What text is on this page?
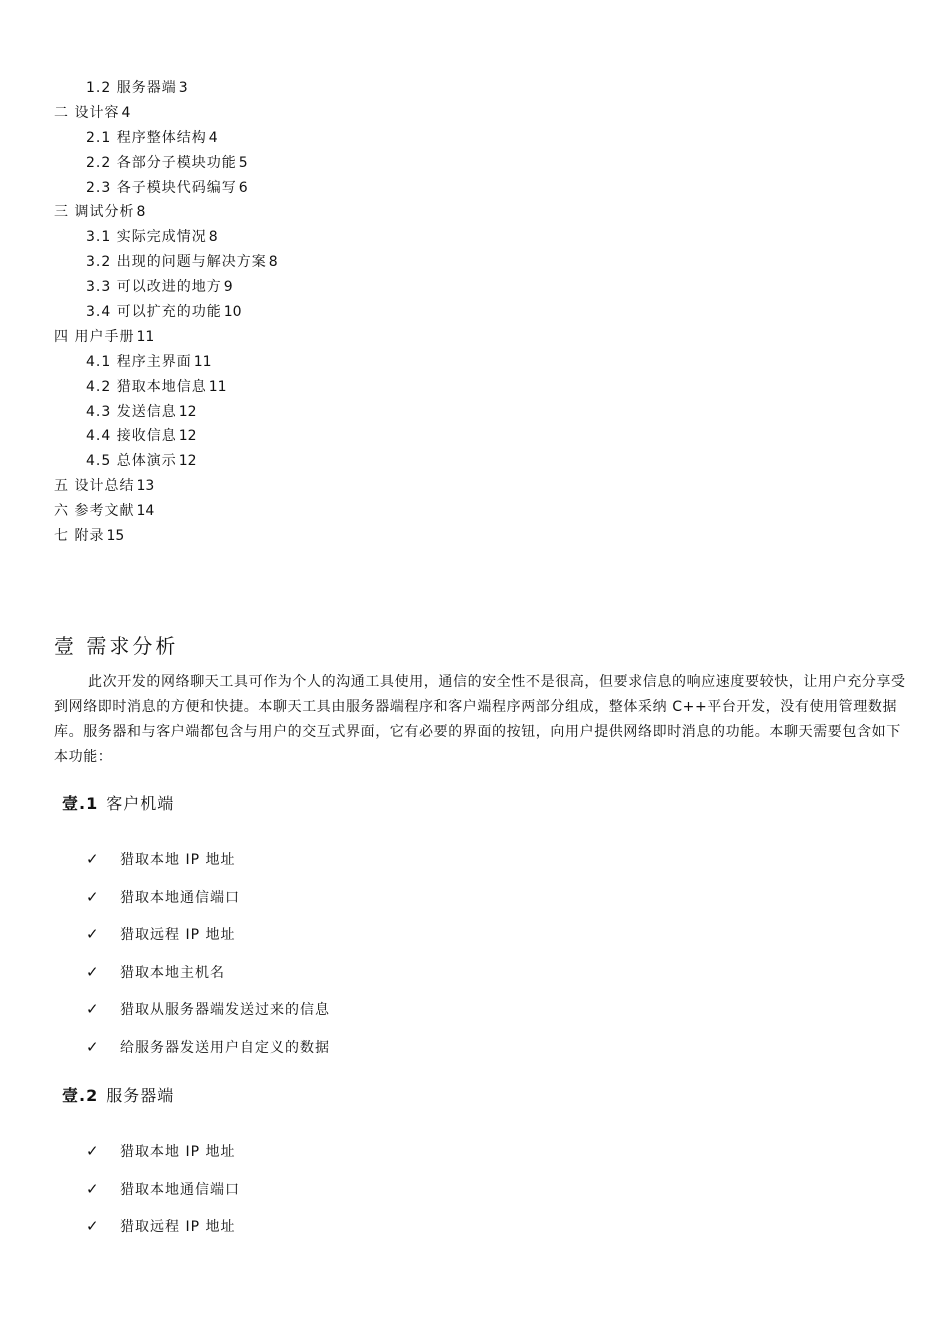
1.2 服务器端 3
二 设计容 4
2.1 程序整体结构 4
2.2 各部分子模块功能 5
2.3 各子模块代码编写 6
三 调试分析 8
3.1 实际完成情况 8
3.2 出现的问题与解决方案 8
3.3 可以改进的地方 9
3.4 可以扩充的功能 10
四 用户手册 11
4.1 程序主界面 11
4.2 猎取本地信息 11
4.3 发送信息 12
4.4 接收信息 12
4.5 总体演示 12
五 设计总结 13
六 参考文献 14
七 附录 15
壹 需求分析

此次开发的网络聊天工具可作为个人的沟通工具使用，通信的安全性不是很高，但要求信息的响应速度要较快，让用户充分享受到网络即时消息的方便和快捷。本聊天工具由服务器端程序和客户端程序两部分组成，整体采纳 C++平台开发，没有使用管理数据库。服务器和与客户端都包含与用户的交互式界面，它有必要的界面的按钮，向用户提供网络即时消息的功能。本聊天需要包含如下本功能：

壹.1 客户机端
✓ 猎取本地 IP 地址
✓ 猎取本地通信端口
✓ 猎取远程 IP 地址
✓ 猎取本地主机名
✓ 猎取从服务器端发送过来的信息
✓ 给服务器发送用户自定义的数据
壹.2 服务器端
✓ 猎取本地 IP 地址
✓ 猎取本地通信端口
✓ 猎取远程 IP 地址
